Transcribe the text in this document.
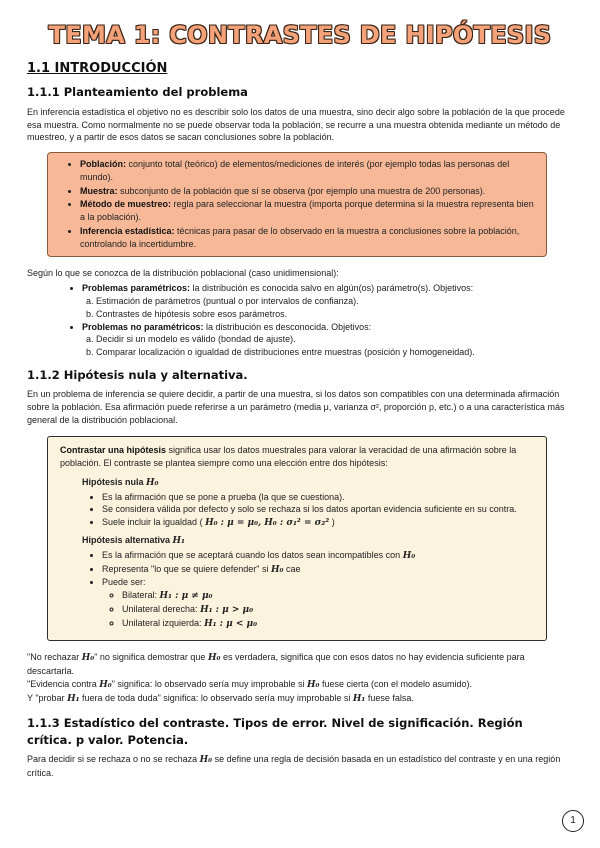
TEMA 1: CONTRASTES DE HIPÓTESIS
1.1 INTRODUCCIÓN
1.1.1 Planteamiento del problema

En inferencia estadística el objetivo no es describir solo los datos de una muestra, sino decir algo sobre la población de la que procede esa muestra. Como normalmente no se puede observar toda la población, se recurre a una muestra obtenida mediante un método de muestreo, y a partir de esos datos se sacan conclusiones sobre la población.

• Población: conjunto total (teórico) de elementos/mediciones de interés (por ejemplo todas las personas del mundo).
• Muestra: subconjunto de la población que sí se observa (por ejemplo una muestra de 200 personas).
• Método de muestreo: regla para seleccionar la muestra (importa porque determina si la muestra representa bien a la población).
• Inferencia estadística: técnicas para pasar de lo observado en la muestra a conclusiones sobre la población, controlando la incertidumbre.

Según lo que se conozca de la distribución poblacional (caso unidimensional):

• Problemas paramétricos: la distribución es conocida salvo en algún(os) parámetro(s). Objetivos:
a. Estimación de parámetros (puntual o por intervalos de confianza).
b. Contrastes de hipótesis sobre esos parámetros.
• Problemas no paramétricos: la distribución es desconocida. Objetivos:
a. Decidir si un modelo es válido (bondad de ajuste).
b. Comparar localización o igualdad de distribuciones entre muestras (posición y homogeneidad).
1.1.2 Hipótesis nula y alternativa.

En un problema de inferencia se quiere decidir, a partir de una muestra, si los datos son compatibles con una determinada afirmación sobre la población. Esa afirmación puede referirse a un parámetro (media μ, varianza σ², proporción p, etc.) o a una característica más general de la distribución poblacional.

Contrastar una hipótesis significa usar los datos muestrales para valorar la veracidad de una afirmación sobre la población. El contraste se plantea siempre como una elección entre dos hipótesis:
Hipótesis nula H₀
• Es la afirmación que se pone a prueba (la que se cuestiona).
• Se considera válida por defecto y solo se rechaza si los datos aportan evidencia suficiente en su contra.
• Suele incluir la igualdad ( H₀ : μ = μ₀, H₀ : σ₁² = σ₂² )
Hipótesis alternativa H₁
• Es la afirmación que se aceptará cuando los datos sean incompatibles con H₀
• Representa "lo que se quiere defender" si H₀ cae
• Puede ser:
◦ Bilateral: H₁ : μ ≠ μ₀
◦ Unilateral derecha: H₁ : μ > μ₀
◦ Unilateral izquierda: H₁ : μ < μ₀

"No rechazar H₀" no significa demostrar que H₀ es verdadera, significa que con esos datos no hay evidencia suficiente para descartarla.

"Evidencia contra H₀" significa: lo observado sería muy improbable si H₀ fuese cierta (con el modelo asumido).

Y "probar H₁ fuera de toda duda" significa: lo observado sería muy improbable si H₁ fuese falsa.

1.1.3 Estadístico del contraste. Tipos de error. Nivel de significación. Región crítica. p valor. Potencia.

Para decidir si se rechaza o no se rechaza H₀ se define una regla de decisión basada en un estadístico del contraste y en una región crítica.

1
